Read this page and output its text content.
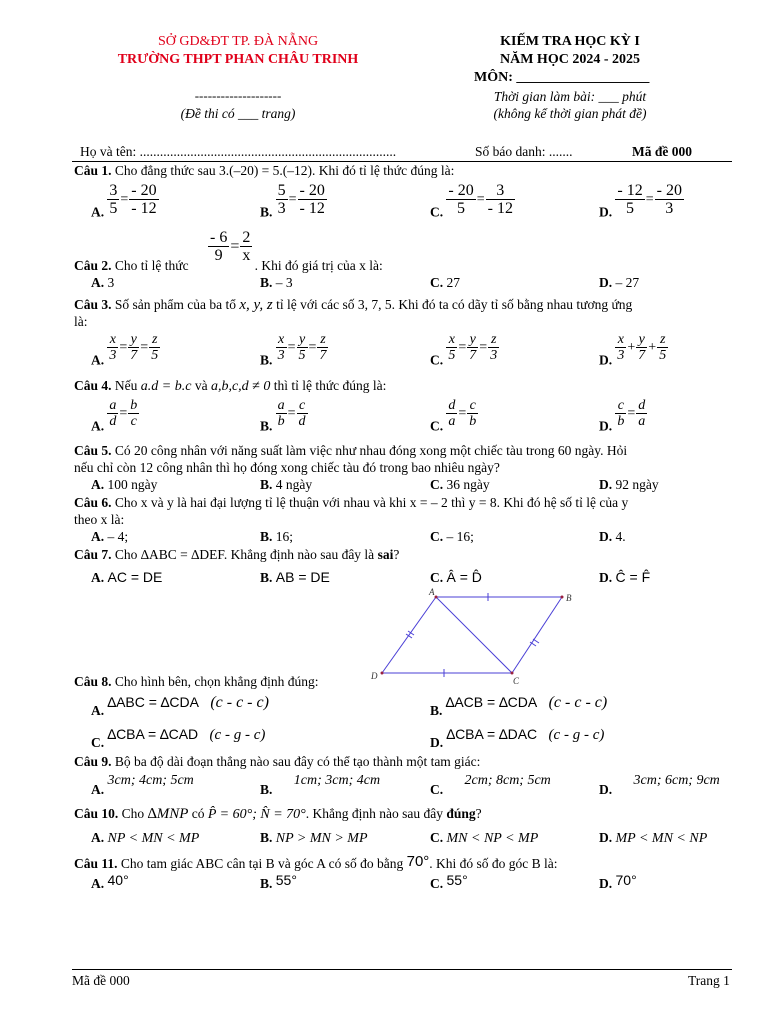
SỞ GD&ĐT TP. ĐÀ NẴNG
TRƯỜNG THPT PHAN CHÂU TRINH
--------------------
(Đề thi có ___ trang)
KIẾM TRA HỌC KỲ I
NĂM HỌC 2024 - 2025
MÔN: ___________________
Thời gian làm bài: ___ phút
(không kể thời gian phát đề)
Họ và tên: ............................................................................	Số báo danh: .......	Mã đề 000
Câu 1. Cho đẳng thức sau 3.(–20) = 5.(–12). Khi đó tỉ lệ thức đúng là:
A. $\frac{3}{5} = \frac{- 20}{- 12}$	B. $\frac{5}{3} = \frac{- 20}{- 12}$	C. $\frac{- 20}{5} = \frac{3}{- 12}$	D. $\frac{- 12}{5} = \frac{- 20}{3}$
$\frac{- 6}{9} = \frac{2}{x}$
Câu 2. Cho tỉ lệ thức	. Khi đó giá trị của x là:
A. 3	B. – 3	C. 27	D. – 27
Câu 3. Số sản phẩm của ba tổ x, y, z tỉ lệ với các số 3, 7, 5. Khi đó ta có dãy tỉ số bằng nhau tương ứng
là:
A. $\frac{x}{3} = \frac{y}{7} = \frac{z}{5}$	B. $\frac{x}{3} = \frac{y}{5} = \frac{z}{7}$	C. $\frac{x}{5} = \frac{y}{7} = \frac{z}{3}$	D. $\frac{x}{3} + \frac{y}{7} + \frac{z}{5}$
Câu 4. Nếu a.d = b.c và a,b,c,d ≠ 0 thì tỉ lệ thức đúng là:
A. $\frac{a}{d} = \frac{b}{c}$	B. $\frac{a}{b} = \frac{c}{d}$	C. $\frac{d}{a} = \frac{c}{b}$	D. $\frac{c}{b} = \frac{d}{a}$
Câu 5. Có 20 công nhân với năng suất làm việc như nhau đóng xong một chiếc tàu trong 60 ngày. Hỏi
nếu chỉ còn 12 công nhân thì họ đóng xong chiếc tàu đó trong bao nhiêu ngày?
A. 100 ngày	B. 4 ngày	C. 36 ngày	D. 92 ngày
Câu 6. Cho x và y là hai đại lượng tỉ lệ thuận với nhau và khi x = – 2 thì y = 8. Khi đó hệ số tỉ lệ của y
theo x là:
A. – 4;	B. 16;	C. – 16;	D. 4.
Câu 7. Cho ∆ABC = ∆DEF. Khẳng định nào sau đây là sai?
A. AC = DE	B. AB = DE	C. Â = D̂	D. Ĉ = F̂
A
B
C
D
Câu 8. Cho hình bên, chọn khẳng định đúng:
A. ∆ABC = ∆CDA (c - c - c)	B. ∆ACB = ∆CDA (c - c - c)
C. ∆CBA = ∆CAD (c - g - c)	D. ∆CBA = ∆DAC (c - g - c)
Câu 9. Bộ ba độ dài đoạn thẳng nào sau đây có thể tạo thành một tam giác:
A. 3cm; 4cm; 5cm
B. 1cm; 3cm; 4cm
C. 2cm; 8cm; 5cm
D. 3cm; 6cm; 9cm
Câu 10. Cho ∆MNP có P̂ = 60°; N̂ = 70°. Khẳng định nào sau đây đúng?
A. NP < MN < MP	B. NP > MN > MP	C. MN < NP < MP	D. MP < MN < NP
Câu 11. Cho tam giác ABC cân tại B và góc A có số đo bằng 70°. Khi đó số đo góc B là:
A. 40°	B. 55°	C. 55°	D. 70°
Mã đề 000	Trang 1
